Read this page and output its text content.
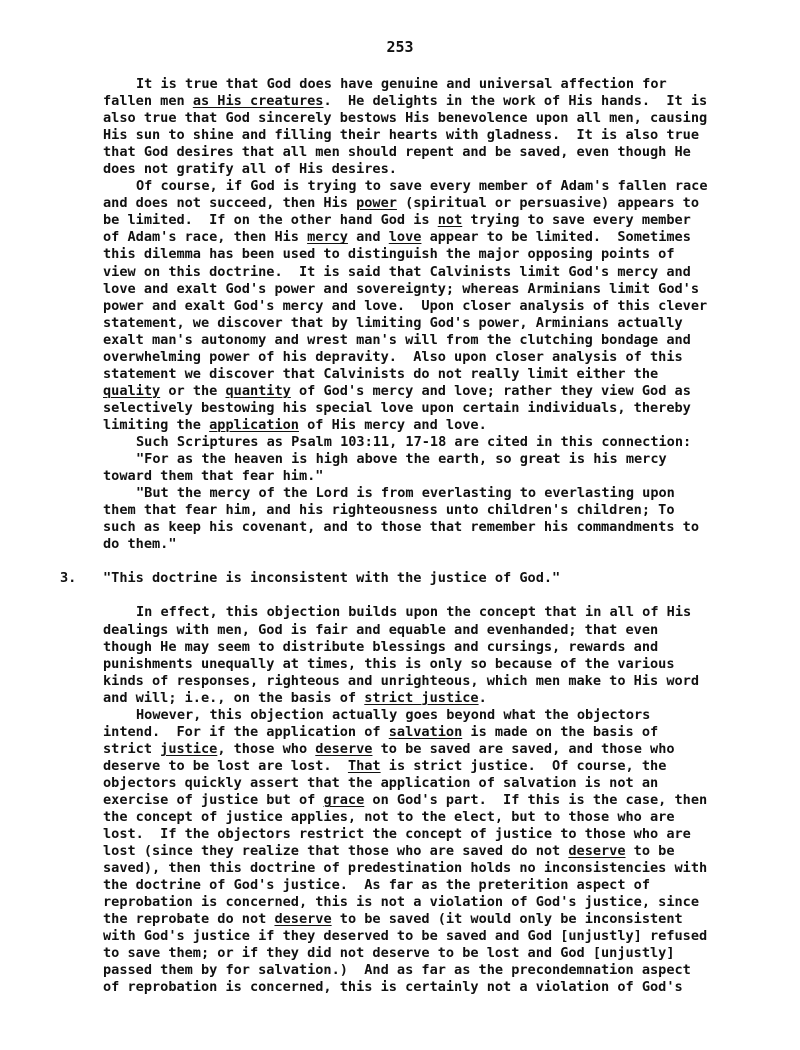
253
It is true that God does have genuine and universal affection for
fallen men as His creatures.  He delights in the work of His hands.  It is
also true that God sincerely bestows His benevolence upon all men, causing
His sun to shine and filling their hearts with gladness.  It is also true
that God desires that all men should repent and be saved, even though He
does not gratify all of His desires.
Of course, if God is trying to save every member of Adam's fallen race
and does not succeed, then His power (spiritual or persuasive) appears to
be limited.  If on the other hand God is not trying to save every member
of Adam's race, then His mercy and love appear to be limited.  Sometimes
this dilemma has been used to distinguish the major opposing points of
view on this doctrine.  It is said that Calvinists limit God's mercy and
love and exalt God's power and sovereignty; whereas Arminians limit God's
power and exalt God's mercy and love.  Upon closer analysis of this clever
statement, we discover that by limiting God's power, Arminians actually
exalt man's autonomy and wrest man's will from the clutching bondage and
overwhelming power of his depravity.  Also upon closer analysis of this
statement we discover that Calvinists do not really limit either the
quality or the quantity of God's mercy and love; rather they view God as
selectively bestowing his special love upon certain individuals, thereby
limiting the application of His mercy and love.
Such Scriptures as Psalm 103:11, 17-18 are cited in this connection:
"For as the heaven is high above the earth, so great is his mercy
toward them that fear him."
"But the mercy of the Lord is from everlasting to everlasting upon
them that fear him, and his righteousness unto children's children; To
such as keep his covenant, and to those that remember his commandments to
do them."
3. "This doctrine is inconsistent with the justice of God."
In effect, this objection builds upon the concept that in all of His
dealings with men, God is fair and equable and evenhanded; that even
though He may seem to distribute blessings and cursings, rewards and
punishments unequally at times, this is only so because of the various
kinds of responses, righteous and unrighteous, which men make to His word
and will; i.e., on the basis of strict justice.
However, this objection actually goes beyond what the objectors
intend.  For if the application of salvation is made on the basis of
strict justice, those who deserve to be saved are saved, and those who
deserve to be lost are lost.  That is strict justice.  Of course, the
objectors quickly assert that the application of salvation is not an
exercise of justice but of grace on God's part.  If this is the case, then
the concept of justice applies, not to the elect, but to those who are
lost.  If the objectors restrict the concept of justice to those who are
lost (since they realize that those who are saved do not deserve to be
saved), then this doctrine of predestination holds no inconsistencies with
the doctrine of God's justice.  As far as the preterition aspect of
reprobation is concerned, this is not a violation of God's justice, since
the reprobate do not deserve to be saved (it would only be inconsistent
with God's justice if they deserved to be saved and God [unjustly] refused
to save them; or if they did not deserve to be lost and God [unjustly]
passed them by for salvation.)  And as far as the precondemnation aspect
of reprobation is concerned, this is certainly not a violation of God's
